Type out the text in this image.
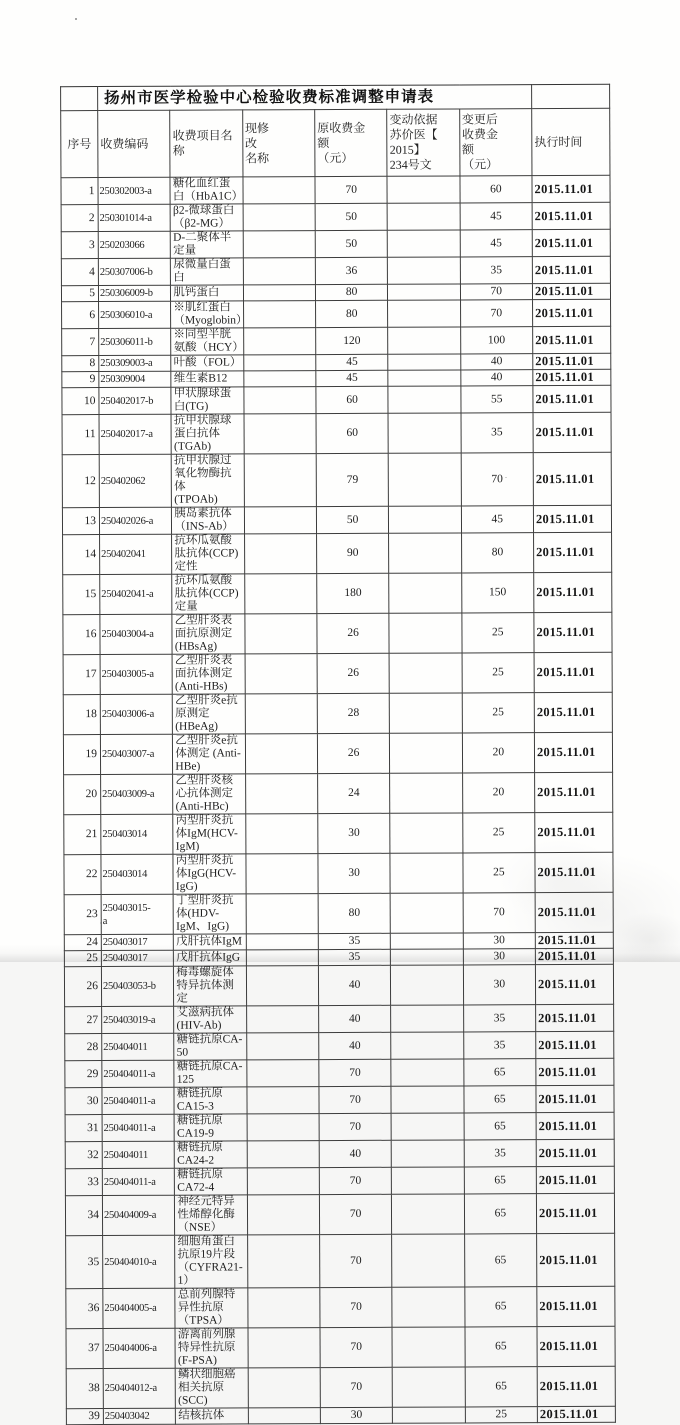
	扬州市医学检验中心检验收费标准调整申请表						
序号	收费编码	收费项目名称	现修
改
名称	原收费金
额
（元）	变动依据
苏价医【
2015】
234号文	变更后
收费金
额
（元）	执行时间
1	250302003-a	糖化血红蛋白（HbA1C）		70		60	2015.11.01
2	250301014-a	β2-微球蛋白（β2-MG）		50		45	2015.11.01
3	250203066	D-二聚体半定量		50		45	2015.11.01
4	250307006-b	尿微量白蛋白		36		35	2015.11.01
5	250306009-b	肌钙蛋白		80		70	2015.11.01
6	250306010-a	※肌红蛋白（Myoglobin）		80		70	2015.11.01
7	250306011-b	※同型半胱氨酸（HCY）		120		100	2015.11.01
8	250309003-a	叶酸（FOL）		45		40	2015.11.01
9	250309004	维生素B12		45		40	2015.11.01
10	250402017-b	甲状腺球蛋白(TG)		60		55	2015.11.01
11	250402017-a	抗甲状腺球蛋白抗体(TGAb)		60		35	2015.11.01
12	250402062	抗甲状腺过氧化物酶抗体
(TPOAb)		79		70	2015.11.01
13	250402026-a	胰岛素抗体（INS-Ab）		50		45	2015.11.01
14	250402041	抗环瓜氨酸肽抗体(CCP)定性		90		80	2015.11.01
15	250402041-a	抗环瓜氨酸肽抗体(CCP)定量		180		150	2015.11.01
16	250403004-a	乙型肝炎表面抗原测定 (HBsAg)		26		25	2015.11.01
17	250403005-a	乙型肝炎表面抗体测定
(Anti-HBs)		26		25	2015.11.01
18	250403006-a	乙型肝炎e抗原测定 (HBeAg)		28		25	2015.11.01
19	250403007-a	乙型肝炎e抗体测定 (Anti-HBe)		26		20	2015.11.01
20	250403009-a	乙型肝炎核心抗体测定
(Anti-HBc)		24		20	2015.11.01
21	250403014	丙型肝炎抗体IgM(HCV-IgM)		30		25	2015.11.01
22	250403014	丙型肝炎抗体IgG(HCV-IgG)		30		25	2015.11.01
23	250403015-
a	丁型肝炎抗体(HDV-IgM、IgG)		80		70	2015.11.01
24	250403017	戊肝抗体IgM		35		30	2015.11.01
25	250403017	戊肝抗体IgG		35		30	2015.11.01
26	250403053-b	梅毒螺旋体特异抗体测定		40		30	2015.11.01
27	250403019-a	艾滋病抗体(HIV-Ab)		40		35	2015.11.01
28	250404011	糖链抗原CA-50		40		35	2015.11.01
29	250404011-a	糖链抗原CA-125		70		65	2015.11.01
30	250404011-a	糖链抗原CA15-3		70		65	2015.11.01
31	250404011-a	糖链抗原CA19-9		70		65	2015.11.01
32	250404011	糖链抗原CA24-2		40		35	2015.11.01
33	250404011-a	糖链抗原CA72-4		70		65	2015.11.01
34	250404009-a	神经元特异性烯醇化酶（NSE）		70		65	2015.11.01
35	250404010-a	细胞角蛋白抗原19片段
（CYFRA21-1）		70		65	2015.11.01
36	250404005-a	总前列腺特异性抗原（TPSA）		70		65	2015.11.01
37	250404006-a	游离前列腺特异性抗原(F-PSA)		70		65	2015.11.01
38	250404012-a	鳞状细胞癌相关抗原(SCC)		70		65	2015.11.01
39	250403042	结核抗体		30		25	2015.11.01
